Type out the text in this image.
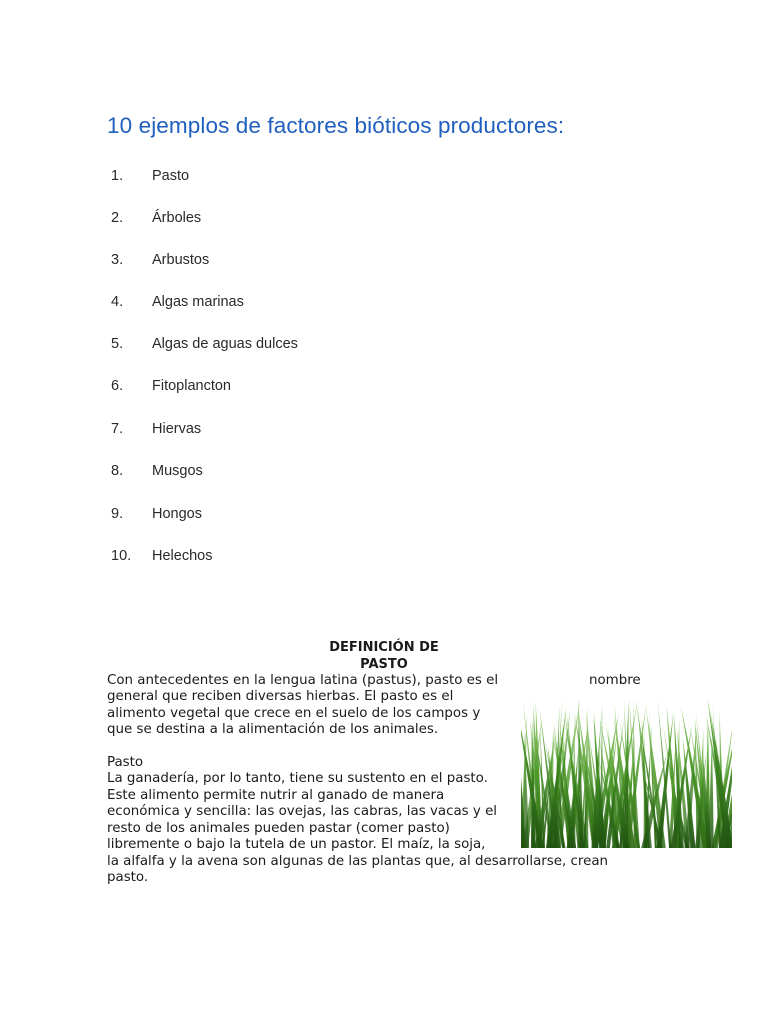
10 ejemplos de factores bióticos productores:
1. Pasto
2. Árboles
3. Arbustos
4. Algas marinas
5. Algas de aguas dulces
6. Fitoplancton
7. Hiervas
8. Musgos
9. Hongos
10. Helechos
DEFINICIÓN DE
PASTO
Con antecedentes en la lengua latina (pastus), pasto es el	nombre
general que reciben diversas hierbas. El pasto es el
alimento vegetal que crece en el suelo de los campos y
que se destina a la alimentación de los animales.
Pasto
La ganadería, por lo tanto, tiene su sustento en el pasto.
Este alimento permite nutrir al ganado de manera
económica y sencilla: las ovejas, las cabras, las vacas y el
resto de los animales pueden pastar (comer pasto)
libremente o bajo la tutela de un pastor. El maíz, la soja,
la alfalfa y la avena son algunas de las plantas que, al desarrollarse, crean
pasto.
